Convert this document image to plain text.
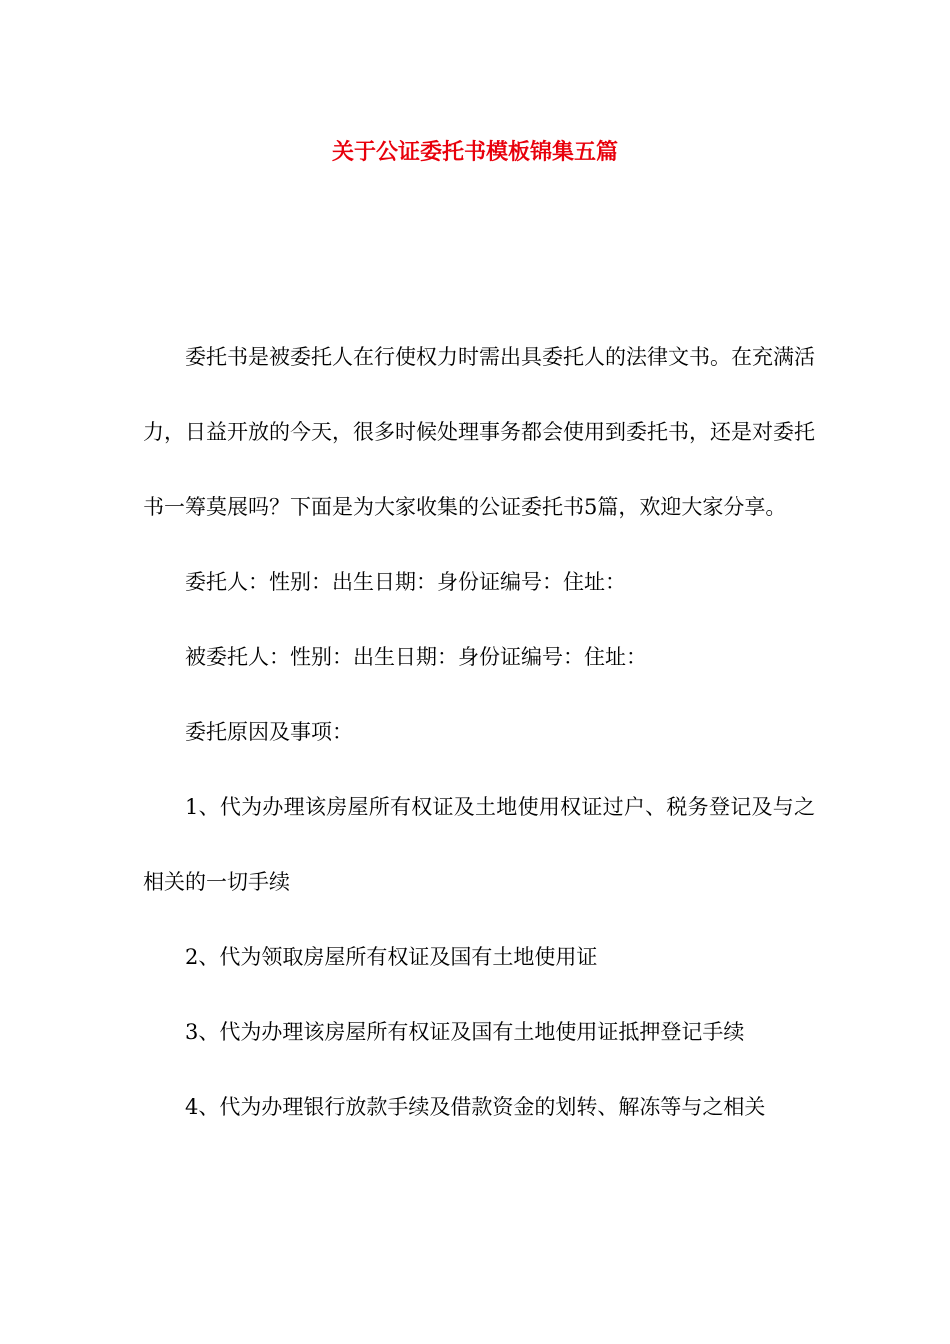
关于公证委托书模板锦集五篇

委托书是被委托人在行使权力时需出具委托人的法律文书。在充满活力，日益开放的今天，很多时候处理事务都会使用到委托书，还是对委托书一筹莫展吗？下面是为大家收集的公证委托书5篇，欢迎大家分享。

委托人：性别：出生日期：身份证编号：住址：

被委托人：性别：出生日期：身份证编号：住址：

委托原因及事项：

1、代为办理该房屋所有权证及土地使用权证过户、税务登记及与之相关的一切手续

2、代为领取房屋所有权证及国有土地使用证

3、代为办理该房屋所有权证及国有土地使用证抵押登记手续

4、代为办理银行放款手续及借款资金的划转、解冻等与之相关
